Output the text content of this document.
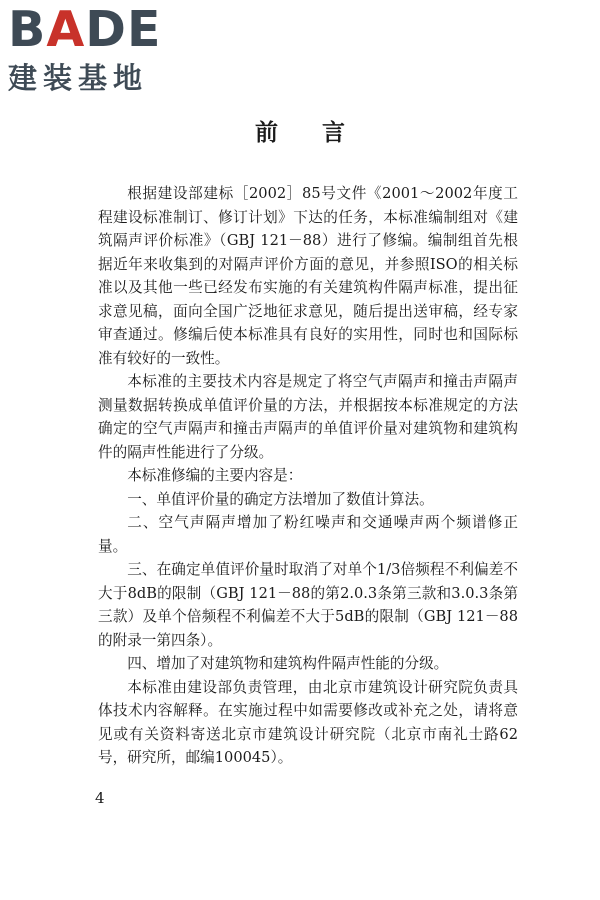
BADE
建装基地
前言

根据建设部建标［2002］85号文件《2001～2002年度工程建设标准制订、修订计划》下达的任务，本标准编制组对《建筑隔声评价标准》（GBJ 121－88）进行了修编。编制组首先根据近年来收集到的对隔声评价方面的意见，并参照ISO的相关标准以及其他一些已经发布实施的有关建筑构件隔声标准，提出征求意见稿，面向全国广泛地征求意见，随后提出送审稿，经专家审查通过。修编后使本标准具有良好的实用性，同时也和国际标准有较好的一致性。

本标准的主要技术内容是规定了将空气声隔声和撞击声隔声测量数据转换成单值评价量的方法，并根据按本标准规定的方法确定的空气声隔声和撞击声隔声的单值评价量对建筑物和建筑构件的隔声性能进行了分级。

本标准修编的主要内容是：

一、单值评价量的确定方法增加了数值计算法。

二、空气声隔声增加了粉红噪声和交通噪声两个频谱修正量。

三、在确定单值评价量时取消了对单个1/3倍频程不利偏差不大于8dB的限制（GBJ 121－88的第2.0.3条第三款和3.0.3条第三款）及单个倍频程不利偏差不大于5dB的限制（GBJ 121－88的附录一第四条）。

四、增加了对建筑物和建筑构件隔声性能的分级。

本标准由建设部负责管理，由北京市建筑设计研究院负责具体技术内容解释。在实施过程中如需要修改或补充之处，请将意见或有关资料寄送北京市建筑设计研究院（北京市南礼士路62号，研究所，邮编100045）。

4
